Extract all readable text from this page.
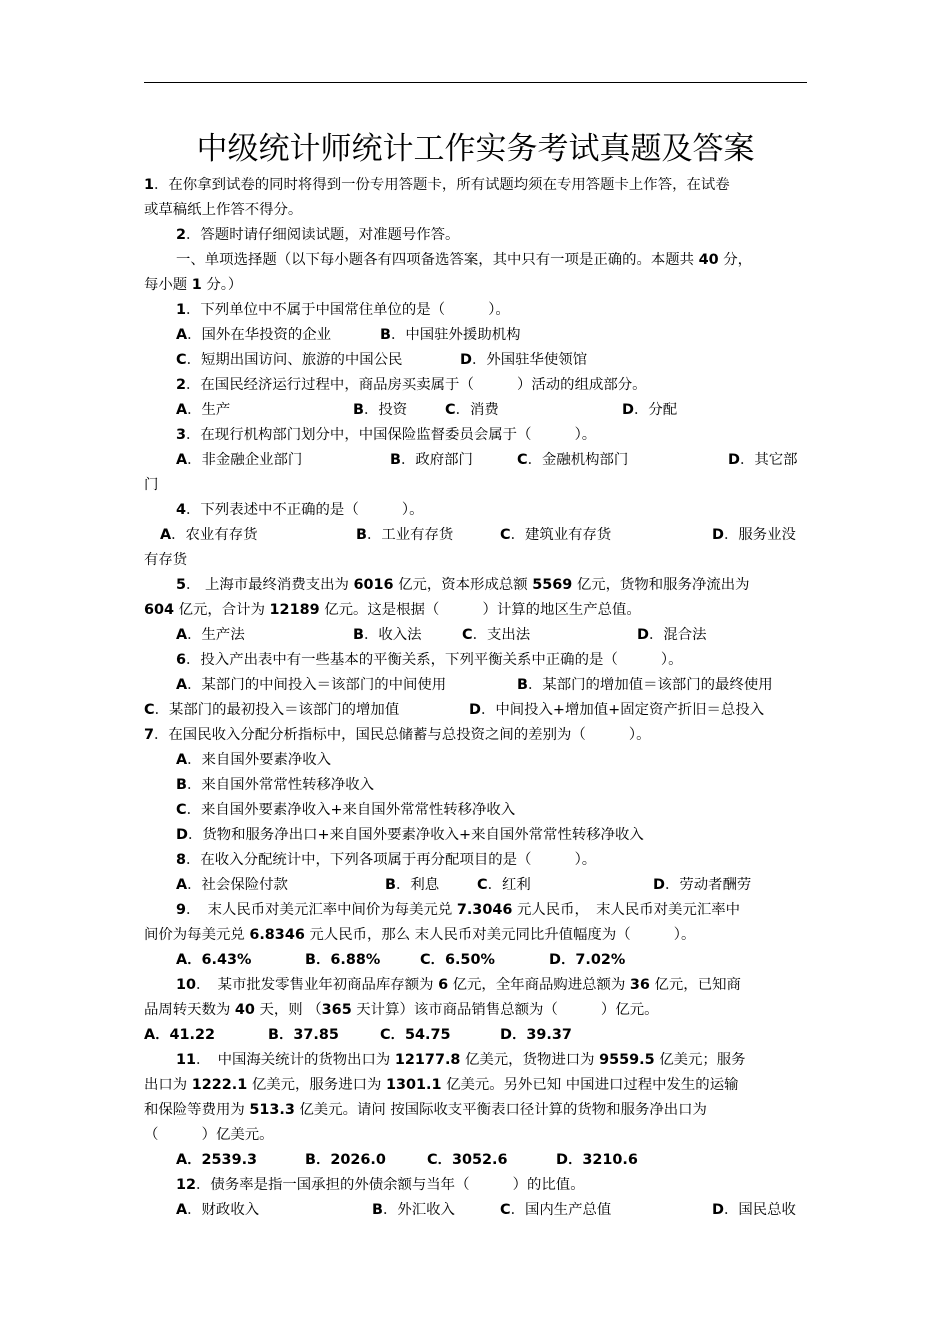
中级统计师统计工作实务考试真题及答案
1．在你拿到试卷的同时将得到一份专用答题卡，所有试题均须在专用答题卡上作答，在试卷
或草稿纸上作答不得分。
2．答题时请仔细阅读试题，对准题号作答。
一、单项选择题（以下每小题各有四项备选答案，其中只有一项是正确的。本题共 40 分，
每小题 1 分。）
1．下列单位中不属于中国常住单位的是（　　　）。
A．国外在华投资的企业	B．中国驻外援助机构
C．短期出国访问、旅游的中国公民	D．外国驻华使领馆
2．在国民经济运行过程中，商品房买卖属于（　　　）活动的组成部分。
A．生产	B．投资	C．消费	D．分配
3．在现行机构部门划分中，中国保险监督委员会属于（　　　）。
A．非金融企业部门	B．政府部门	C．金融机构部门	D．其它部
门
4．下列表述中不正确的是（　　　）。
A．农业有存货	B．工业有存货	C．建筑业有存货	D．服务业没
有存货
5． 上海市最终消费支出为 6016 亿元，资本形成总额 5569 亿元，货物和服务净流出为
604 亿元，合计为 12189 亿元。这是根据（　　　）计算的地区生产总值。
A．生产法	B．收入法	C．支出法	D．混合法
6．投入产出表中有一些基本的平衡关系，下列平衡关系中正确的是（　　　）。
A．某部门的中间投入＝该部门的中间使用	B．某部门的增加值＝该部门的最终使用
C．某部门的最初投入＝该部门的增加值	D．中间投入+增加值+固定资产折旧＝总投入
7．在国民收入分配分析指标中，国民总储蓄与总投资之间的差别为（　　　）。
A．来自国外要素净收入
B．来自国外常常性转移净收入
C．来自国外要素净收入+来自国外常常性转移净收入
D．货物和服务净出口+来自国外要素净收入+来自国外常常性转移净收入
8．在收入分配统计中，下列各项属于再分配项目的是（　　　）。
A．社会保险付款	B．利息	C．红利	D．劳动者酬劳
9．　末人民币对美元汇率中间价为每美元兑 7.3046 元人民币，　末人民币对美元汇率中
间价为每美元兑 6.8346 元人民币，那么 末人民币对美元同比升值幅度为（　　　）。
A．6.43%	B．6.88%	C．6.50%	D．7.02%
10．　某市批发零售业年初商品库存额为 6 亿元，全年商品购进总额为 36 亿元，已知商
品周转天数为 40 天，则 （365 天计算）该市商品销售总额为（　　　）亿元。
A．41.22	B．37.85	C．54.75	D．39.37
11．　中国海关统计的货物出口为 12177.8 亿美元，货物进口为 9559.5 亿美元；服务
出口为 1222.1 亿美元，服务进口为 1301.1 亿美元。另外已知 中国进口过程中发生的运输
和保险等费用为 513.3 亿美元。请问 按国际收支平衡表口径计算的货物和服务净出口为
（　　　）亿美元。
A．2539.3	B．2026.0	C．3052.6	D．3210.6
12．债务率是指一国承担的外债余额与当年（　　　）的比值。
A．财政收入	B．外汇收入	C．国内生产总值	D．国民总收
